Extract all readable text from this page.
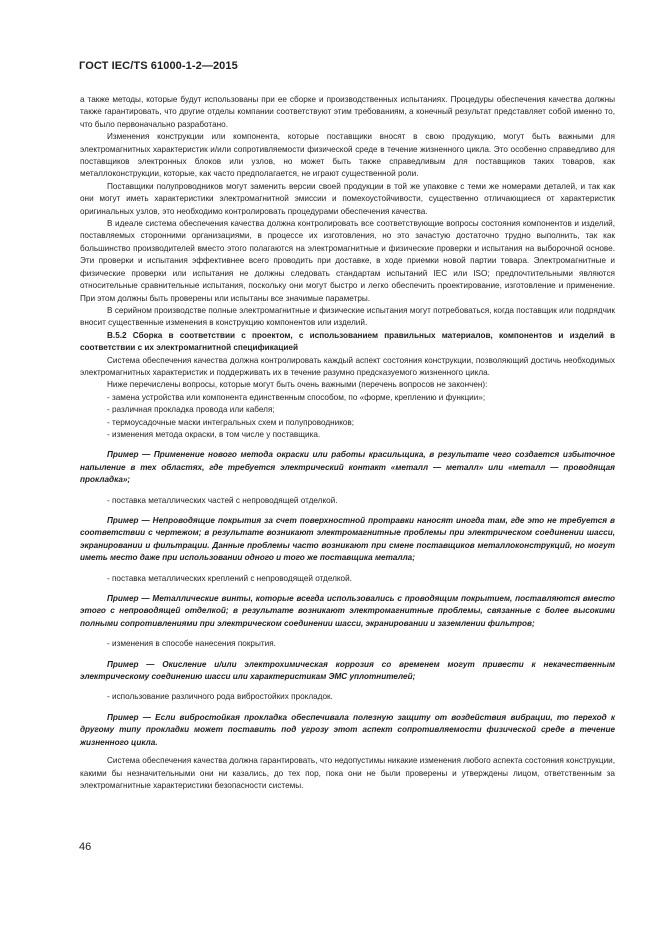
ГОСТ IEC/TS 61000-1-2—2015

а также методы, которые будут использованы при ее сборке и производственных испытаниях. Процедуры обеспечения качества должны также гарантировать, что другие отделы компании соответствуют этим требованиям, а конечный результат представляет собой именно то, что было первоначально разработано.

Изменения конструкции или компонента, которые поставщики вносят в свою продукцию, могут быть важными для электромагнитных характеристик и/или сопротивляемости физической среде в течение жизненного цикла. Это особенно справедливо для поставщиков электронных блоков или узлов, но может быть также справедливым для поставщиков таких товаров, как металлоконструкции, которые, как часто предполагается, не играют существенной роли.

Поставщики полупроводников могут заменить версии своей продукции в той же упаковке с теми же номерами деталей, и так как они могут иметь характеристики электромагнитной эмиссии и помехоустойчивости, существенно отличающиеся от характеристик оригинальных узлов, это необходимо контролировать процедурами обеспечения качества.

В идеале система обеспечения качества должна контролировать все соответствующие вопросы состояния компонентов и изделий, поставляемых сторонними организациями, в процессе их изготовления, но это зачастую достаточно трудно выполнить, так как большинство производителей вместо этого полагаются на электромагнитные и физические проверки и испытания на выборочной основе. Эти проверки и испытания эффективнее всего проводить при доставке, в ходе приемки новой партии товара. Электромагнитные и физические проверки или испытания не должны следовать стандартам испытаний IEC или ISO; предпочтительными являются относительные сравнительные испытания, поскольку они могут быстро и легко обеспечить проектирование, изготовление и применение. При этом должны быть проверены или испытаны все значимые параметры.

В серийном производстве полные электромагнитные и физические испытания могут потребоваться, когда поставщик или подрядчик вносит существенные изменения в конструкцию компонентов или изделий.

В.5.2 Сборка в соответствии с проектом, с использованием правильных материалов, компонентов и изделий в соответствии с их электромагнитной спецификацией

Система обеспечения качества должна контролировать каждый аспект состояния конструкции, позволяющий достичь необходимых электромагнитных характеристик и поддерживать их в течение разумно предсказуемого жизненного цикла.

Ниже перечислены вопросы, которые могут быть очень важными (перечень вопросов не закончен):

- замена устройства или компонента единственным способом, по «форме, креплению и функции»;

- различная прокладка провода или кабеля;

- термоусадочные маски интегральных схем и полупроводников;

- изменения метода окраски, в том числе у поставщика.

Пример — Применение нового метода окраски или работы красильщика, в результате чего создается избыточное напыление в тех областях, где требуется электрический контакт «металл — металл» или «металл — проводящая прокладка»;

- поставка металлических частей с непроводящей отделкой.

Пример — Непроводящие покрытия за счет поверхностной протравки наносят иногда там, где это не требуется в соответствии с чертежом; в результате возникают электромагнитные проблемы при электрическом соединении шасси, экранировании и фильтрации. Данные проблемы часто возникают при смене поставщиков металлоконструкций, но могут иметь место даже при использовании одного и того же поставщика металла;

- поставка металлических креплений с непроводящей отделкой.

Пример — Металлические винты, которые всегда использовались с проводящим покрытием, поставляются вместо этого с непроводящей отделкой; в результате возникают электромагнитные проблемы, связанные с более высокими полными сопротивлениями при электрическом соединении шасси, экранировании и заземлении фильтров;

- изменения в способе нанесения покрытия.

Пример — Окисление и/или электрохимическая коррозия со временем могут привести к некачественным электрическому соединению шасси или характеристикам ЭМС уплотнителей;

- использование различного рода вибростойких прокладок.

Пример — Если вибростойкая прокладка обеспечивала полезную защиту от воздействия вибрации, то переход к другому типу прокладки может поставить под угрозу этот аспект сопротивляемости физической среде в течение жизненного цикла.

Система обеспечения качества должна гарантировать, что недопустимы никакие изменения любого аспекта состояния конструкции, какими бы незначительными они ни казались, до тех пор, пока они не были проверены и утверждены лицом, ответственным за электромагнитные характеристики безопасности системы.

46
